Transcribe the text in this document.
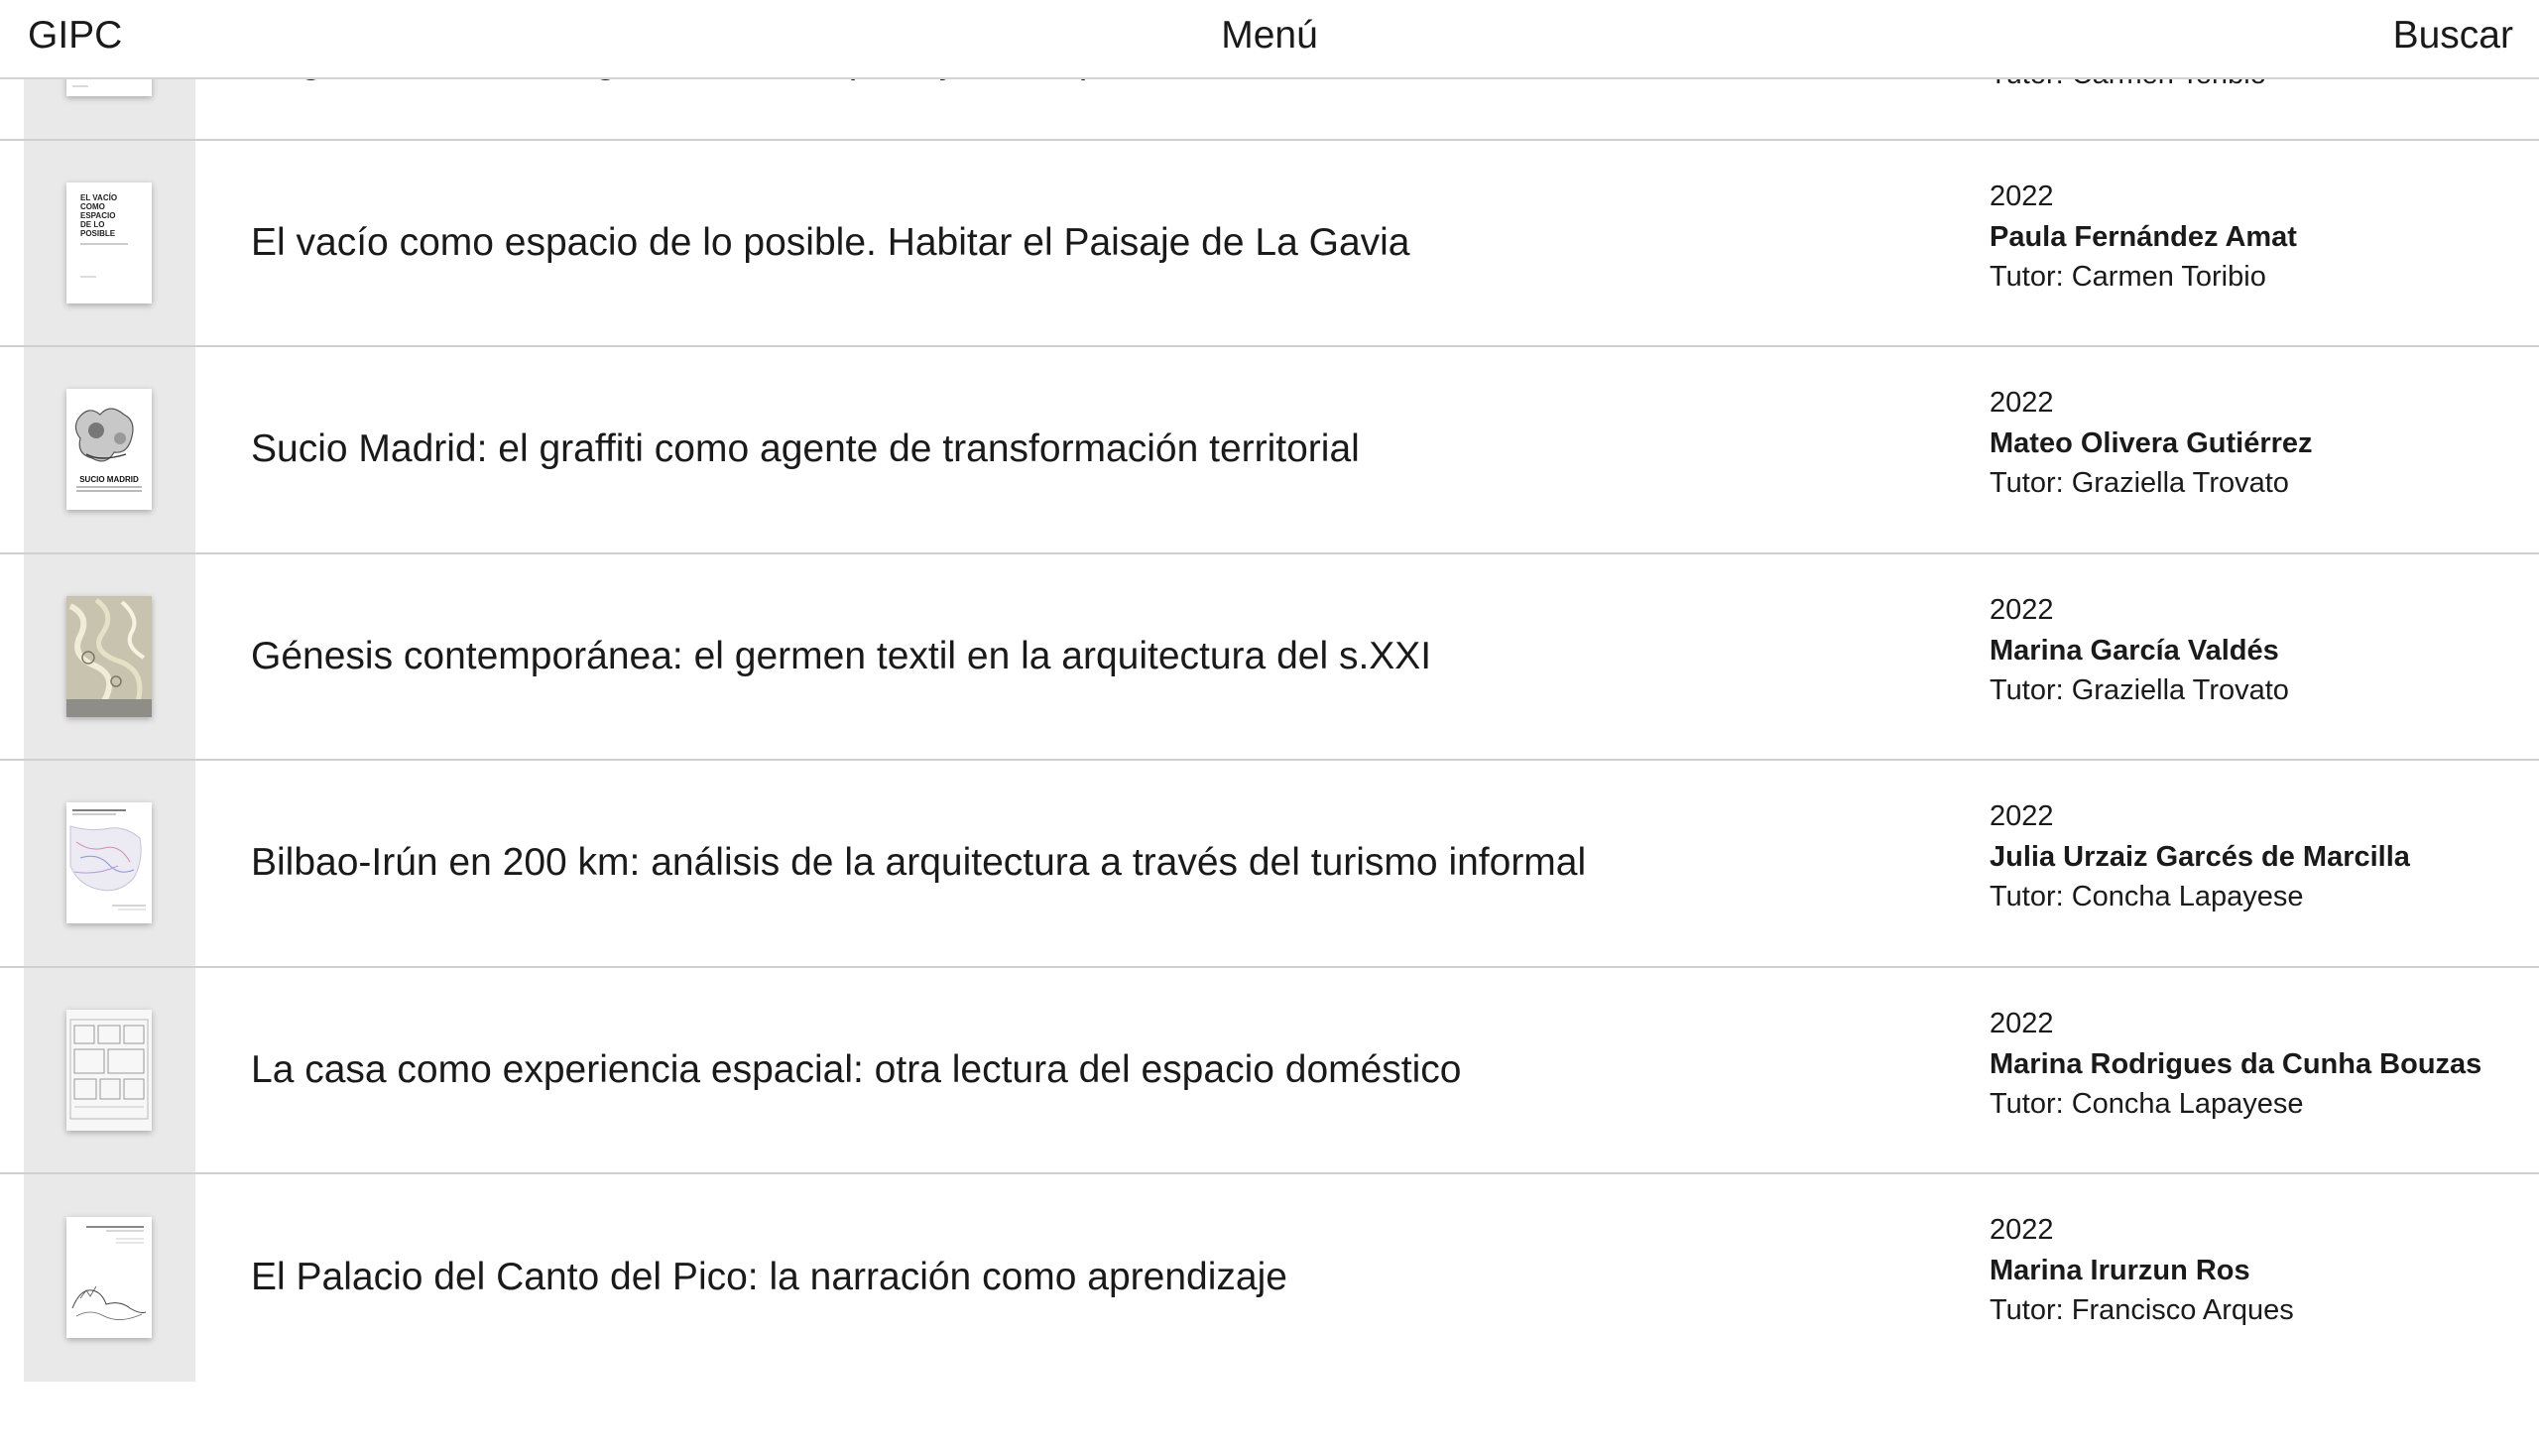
GIPC	Menú	Buscar
EL VACÍO
COMO
ESPACIO
DE LO
POSIBLE	El vacío como espacio de lo posible. Habitar el Paisaje de La Gavia
2022
Paula Fernández Amat
Tutor: Carmen Toribio
SUCIO MADRID
Sucio Madrid: el graffiti como agente de transformación territorial
2022
Mateo Olivera Gutiérrez
Tutor: Graziella Trovato
Génesis contemporánea: el germen textil en la arquitectura del s.XXI
2022
Marina García Valdés
Tutor: Graziella Trovato
Bilbao-Irún en 200 km: análisis de la arquitectura a través del turismo informal
2022
Julia Urzaiz Garcés de Marcilla
Tutor: Concha Lapayese
La casa como experiencia espacial: otra lectura del espacio doméstico
2022
Marina Rodrigues da Cunha Bouzas
Tutor: Concha Lapayese
El Palacio del Canto del Pico: la narración como aprendizaje
2022
Marina Irurzun Ros
Tutor: Francisco Arques
